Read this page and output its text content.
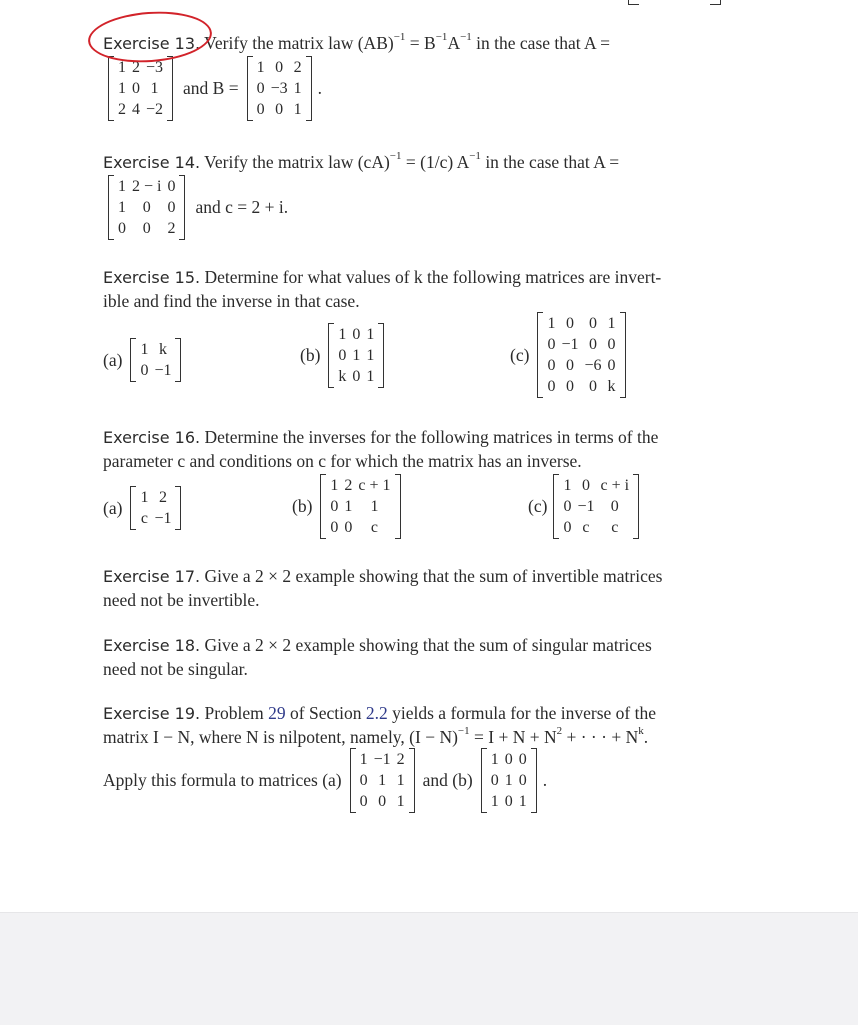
Exercise 13. Verify the matrix law $(AB)^{-1} = B^{-1}A^{-1}$ in the case that A =
1	2	−3
1	0	1
2	4	−2
and B =
1	0	2
0	−3	1
0	0	1
.
Exercise 14. Verify the matrix law (cA)$^{-1}$ = (1/c) $A^{-1}$ in the case that A =
1	2 − i	0
1	0	0
0	0	2
and c = 2 + i.
Exercise 15.
Determine for what values of k the following matrices are invert-
ible and find the inverse in that case.
(a) 1	k
0	−1
(b)
1	0	1
0	1	1
k	0	1
(c)
1	0	0	1
0	−1	0	0
0	0	−6	0
0	0	0	k
Exercise 16.
Determine the inverses for the following matrices in terms of the
parameter c and conditions on c for which the matrix has an inverse.
(a) 1	2
c	−1
(b)
1	2	c + 1
0	1	1
0	0	c
(c)
1	0	c + i
0	−1	0
0	c	c
Exercise 17.
Give a 2 × 2 example showing that the sum of invertible matrices
need not be invertible.
Exercise 18.
Give a 2 × 2 example showing that the sum of singular matrices
need not be singular.
Exercise 19. Problem 29 of Section 2.2 yields a formula for the inverse of the
matrix I − N, where N is nilpotent, namely, $(I - N)^{-1} = I + N + N^2$ + · · · + $N^k$.
Apply this formula to matrices (a)
1	−1	2
0	1	1
0	0	1
and (b)
1	0	0
0	1	0
1	0	1
.
